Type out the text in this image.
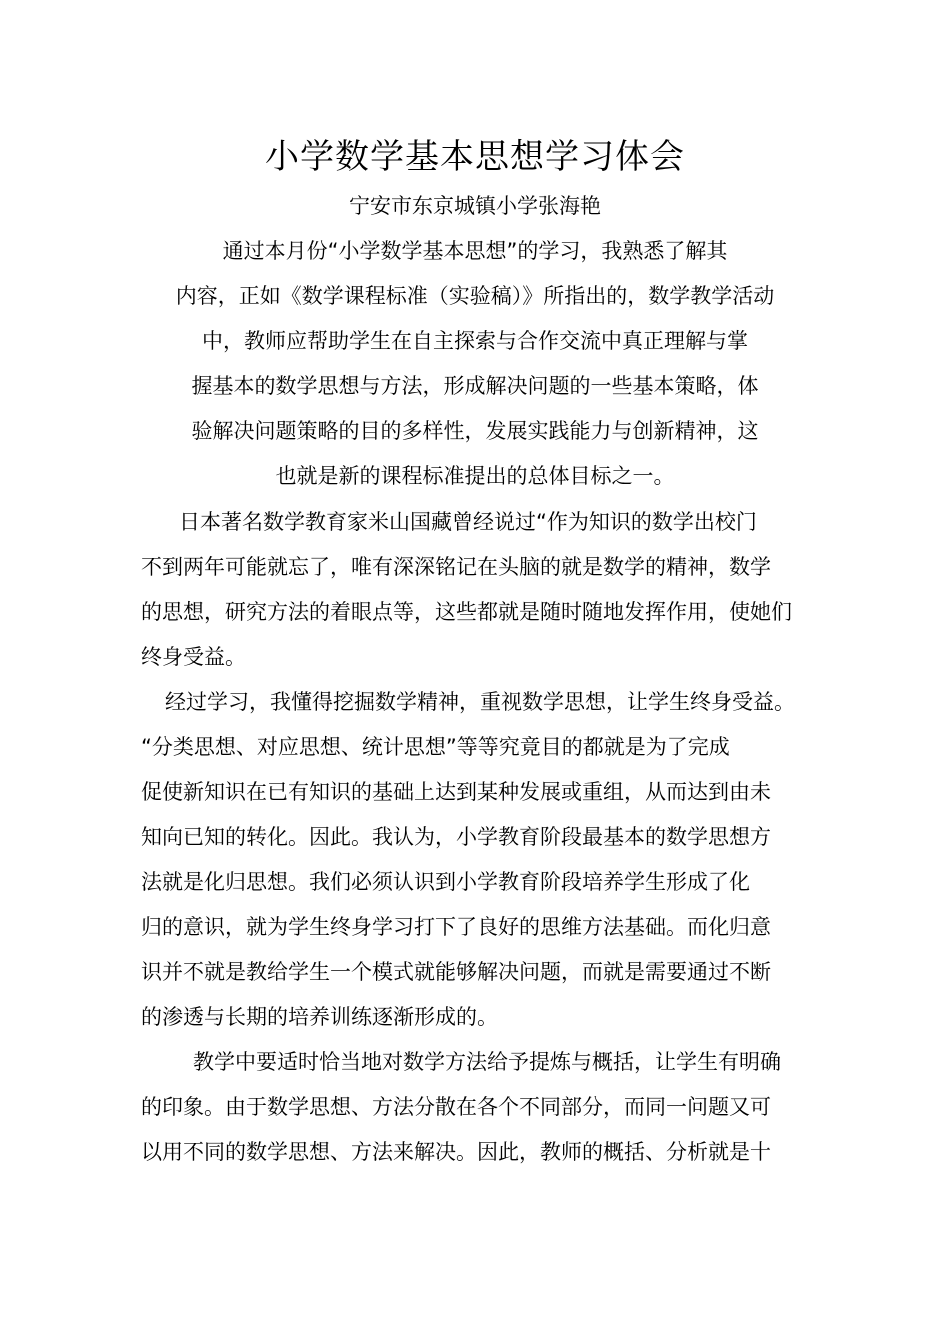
小学数学基本思想学习体会
宁安市东京城镇小学张海艳
通过本月份“小学数学基本思想”的学习，我熟悉了解其
内容，正如《数学课程标准（实验稿）》所指出的，数学教学活动
中，教师应帮助学生在自主探索与合作交流中真正理解与掌
握基本的数学思想与方法，形成解决问题的一些基本策略，体
验解决问题策略的目的多样性，发展实践能力与创新精神，这
也就是新的课程标准提出的总体目标之一。
日本著名数学教育家米山国藏曾经说过“作为知识的数学出校门
不到两年可能就忘了，唯有深深铭记在头脑的就是数学的精神，数学
的思想，研究方法的着眼点等，这些都就是随时随地发挥作用，使她们
终身受益。
经过学习，我懂得挖掘数学精神，重视数学思想，让学生终身受益。
“分类思想、对应思想、统计思想”等等究竟目的都就是为了完成
促使新知识在已有知识的基础上达到某种发展或重组，从而达到由未
知向已知的转化。因此。我认为，小学教育阶段最基本的数学思想方
法就是化归思想。我们必须认识到小学教育阶段培养学生形成了化
归的意识，就为学生终身学习打下了良好的思维方法基础。而化归意
识并不就是教给学生一个模式就能够解决问题，而就是需要通过不断
的渗透与长期的培养训练逐渐形成的。
教学中要适时恰当地对数学方法给予提炼与概括，让学生有明确
的印象。由于数学思想、方法分散在各个不同部分，而同一问题又可
以用不同的数学思想、方法来解决。因此，教师的概括、分析就是十
